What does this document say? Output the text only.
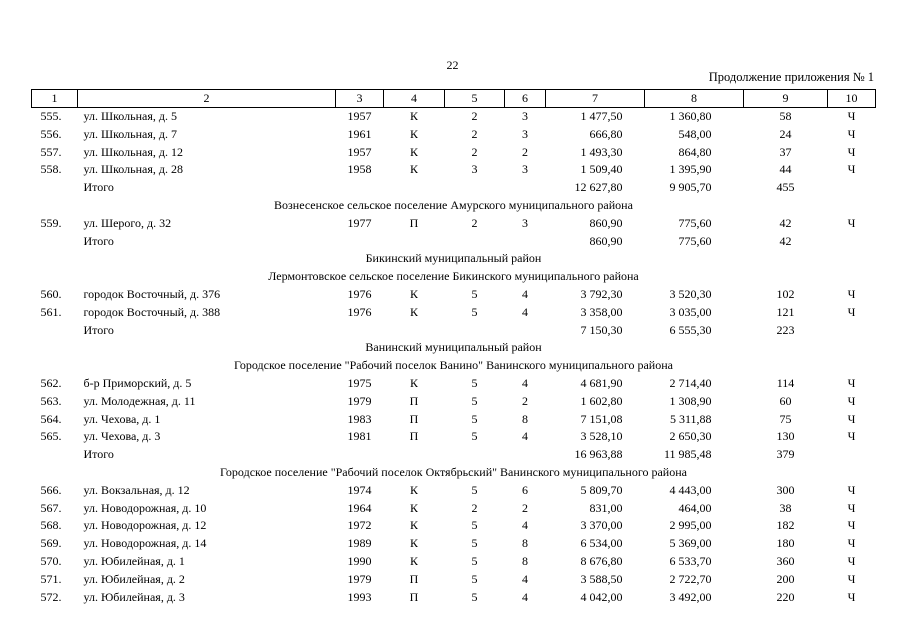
22
Продолжение приложения № 1
1	2	3	4	5	6	7	8	9	10
555.	ул. Школьная, д. 5	1957	К	2	3	1 477,50	1 360,80	58	Ч
556.	ул. Школьная, д. 7	1961	К	2	3	666,80	548,00	24	Ч
557.	ул. Школьная, д. 12	1957	К	2	2	1 493,30	864,80	37	Ч
558.	ул. Школьная, д. 28	1958	К	3	3	1 509,40	1 395,90	44	Ч
	Итого					12 627,80	9 905,70	455	
Вознесенское сельское поселение Амурского муниципального района									
559.	ул. Шерого, д. 32	1977	П	2	3	860,90	775,60	42	Ч
	Итого					860,90	775,60	42	
Бикинский муниципальный район									
Лермонтовское сельское поселение Бикинского муниципального района									
560.	городок Восточный, д. 376	1976	К	5	4	3 792,30	3 520,30	102	Ч
561.	городок Восточный, д. 388	1976	К	5	4	3 358,00	3 035,00	121	Ч
	Итого					7 150,30	6 555,30	223	
Ванинский муниципальный район									
Городское поселение "Рабочий поселок Ванино" Ванинского муниципального района									
562.	б-р Приморский, д. 5	1975	К	5	4	4 681,90	2 714,40	114	Ч
563.	ул. Молодежная, д. 11	1979	П	5	2	1 602,80	1 308,90	60	Ч
564.	ул. Чехова, д. 1	1983	П	5	8	7 151,08	5 311,88	75	Ч
565.	ул. Чехова, д. 3	1981	П	5	4	3 528,10	2 650,30	130	Ч
	Итого					16 963,88	11 985,48	379	
Городское поселение "Рабочий поселок Октябрьский" Ванинского муниципального района									
566.	ул. Вокзальная, д. 12	1974	К	5	6	5 809,70	4 443,00	300	Ч
567.	ул. Новодорожная, д. 10	1964	К	2	2	831,00	464,00	38	Ч
568.	ул. Новодорожная, д. 12	1972	К	5	4	3 370,00	2 995,00	182	Ч
569.	ул. Новодорожная, д. 14	1989	К	5	8	6 534,00	5 369,00	180	Ч
570.	ул. Юбилейная, д. 1	1990	К	5	8	8 676,80	6 533,70	360	Ч
571.	ул. Юбилейная, д. 2	1979	П	5	4	3 588,50	2 722,70	200	Ч
572.	ул. Юбилейная, д. 3	1993	П	5	4	4 042,00	3 492,00	220	Ч
